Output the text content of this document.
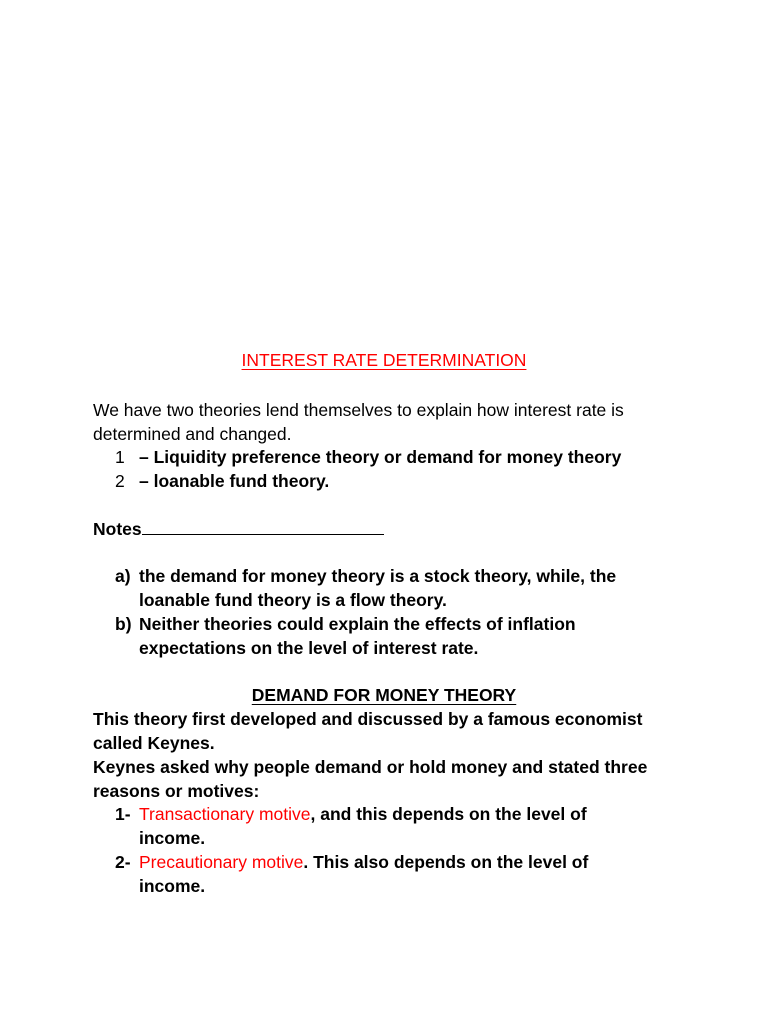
INTEREST RATE DETERMINATION
We have two theories lend themselves to explain how interest rate is determined and changed.
1 – Liquidity preference theory or demand for money theory
2 – loanable fund theory.
Notes
a) the demand for money theory is a stock theory, while, the loanable fund theory is a flow theory.
b) Neither theories could explain the effects of inflation expectations on the level of interest rate.
DEMAND FOR MONEY THEORY
This theory first developed and discussed by a famous economist called Keynes.
Keynes asked why people demand or hold money and stated three reasons or motives:
1- Transactionary motive, and this depends on the level of income.
2- Precautionary motive. This also depends on the level of income.
